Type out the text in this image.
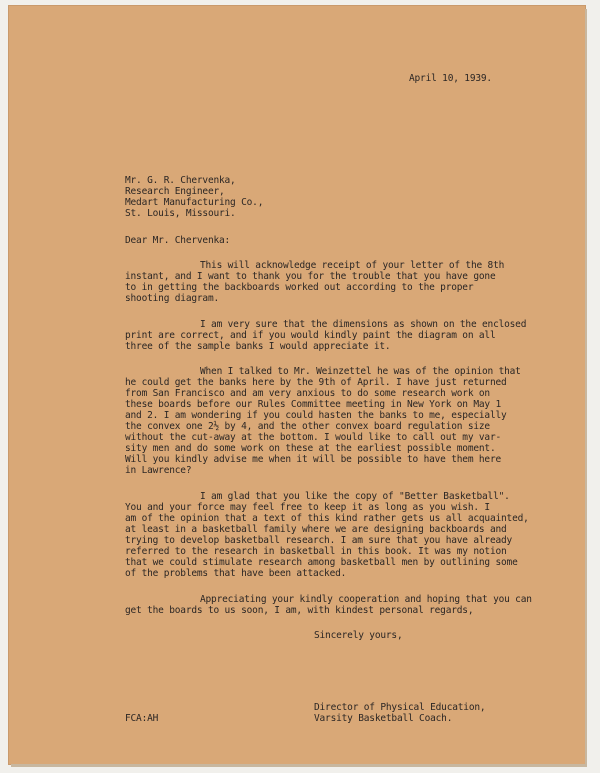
April 10, 1939.

Mr. G. R. Chervenka,

Research Engineer,

Medart Manufacturing Co.,

St. Louis, Missouri.

Dear Mr. Chervenka:

This will acknowledge receipt of your letter of the 8th

instant, and I want to thank you for the trouble that you have gone

to in getting the backboards worked out according to the proper

shooting diagram.

I am very sure that the dimensions as shown on the enclosed

print are correct, and if you would kindly paint the diagram on all

three of the sample banks I would appreciate it.

When I talked to Mr. Weinzettel he was of the opinion that

he could get the banks here by the 9th of April. I have just returned

from San Francisco and am very anxious to do some research work on

these boards before our Rules Committee meeting in New York on May 1

and 2. I am wondering if you could hasten the banks to me, especially

the convex one 2½ by 4, and the other convex board regulation size

without the cut-away at the bottom. I would like to call out my var-

sity men and do some work on these at the earliest possible moment.

Will you kindly advise me when it will be possible to have them here

in Lawrence?

I am glad that you like the copy of "Better Basketball".

You and your force may feel free to keep it as long as you wish. I

am of the opinion that a text of this kind rather gets us all acquainted,

at least in a basketball family where we are designing backboards and

trying to develop basketball research. I am sure that you have already

referred to the research in basketball in this book. It was my notion

that we could stimulate research among basketball men by outlining some

of the problems that have been attacked.

Appreciating your kindly cooperation and hoping that you can

get the boards to us soon, I am, with kindest personal regards,

Sincerely yours,

Director of Physical Education,

Varsity Basketball Coach.

FCA:AH
